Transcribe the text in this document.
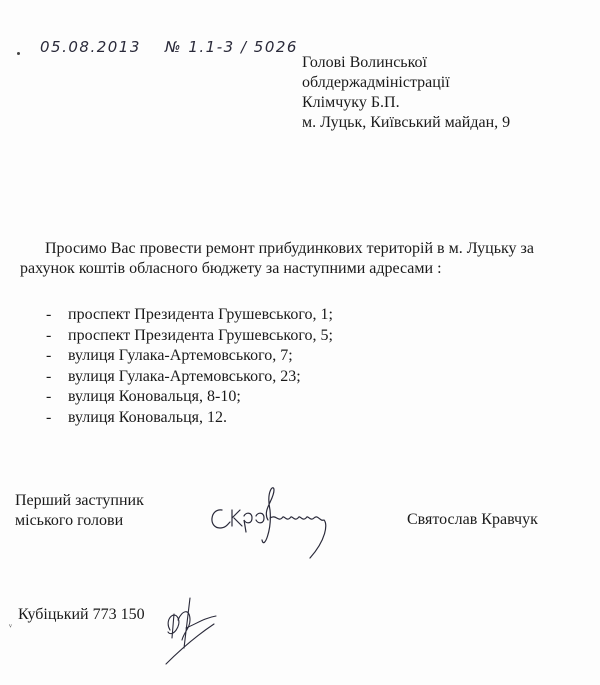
05.08.2013 № 1.1-3 / 5026
Голові Волинської
облдержадміністрації
Клімчуку Б.П.
м. Луцьк, Київський майдан, 9
Просимо Вас провести ремонт прибудинкових територій в м. Луцьку за
рахунок коштів обласного бюджету за наступними адресами :
-	проспект Президента Грушевського, 1;
-	проспект Президента Грушевського, 5;
-	вулиця Гулака-Артемовського, 7;
-	вулиця Гулака-Артемовського, 23;
-	вулиця Коновальця, 8-10;
-	вулиця Коновальця, 12.
Перший заступник
міського голови	Святослав Кравчук
ᵛ
Кубіцький 773 150
